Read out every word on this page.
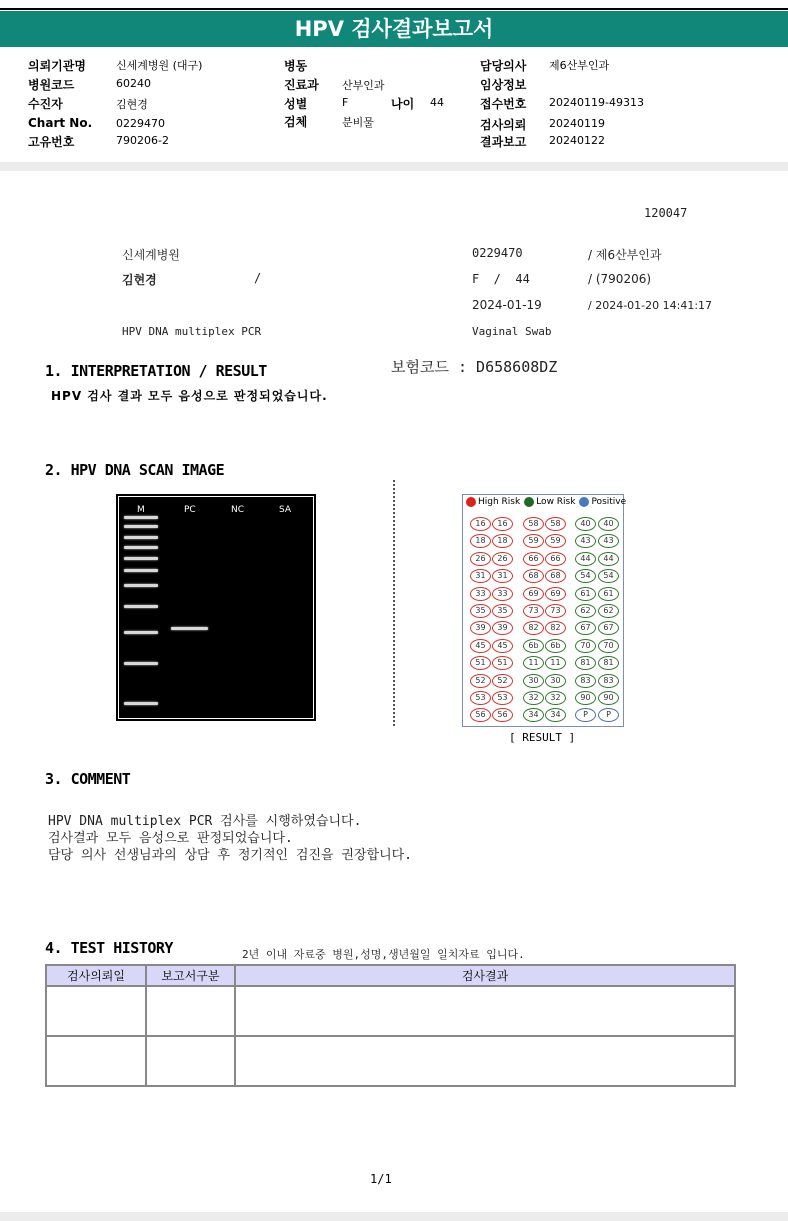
HPV 검사결과보고서
의뢰기관명	신세계병원 (대구)
병원코드	60240
수진자	김현경
Chart No. 0229470
고유번호	790206-2
병동
진료과 산부인과
성별	F	나이 44
검체	분비물
담당의사 제6산부인과
임상정보
접수번호 20240119-49313
검사의뢰 20240119
결과보고 20240122
120047
신세계병원	0229470	/ 제6산부인과
김현경	/	F  /  44	/ (790206)
2024-01-19	/ 2024-01-20 14:41:17
HPV DNA multiplex PCR	Vaginal Swab
보험코드 : D658608DZ
1. INTERPRETATION / RESULT
HPV 검사 결과 모두 음성으로 판정되었습니다.
2. HPV DNA SCAN IMAGE
M	PC	NC	SA
High Risk Low Risk Positive
16	16	58	58	40	40
18	18	59	59	43	43
26	26	66	66	44	44
31	31	68	68	54	54
33	33	69	69	61	61
35	35	73	73	62	62
39	39	82	82	67	67
45	45	6b	6b	70	70
51	51	11	11	81	81
52	52	30	30	83	83
53	53	32	32	90	90
56	56	34	34	P	P
[ RESULT ]
3. COMMENT
HPV DNA multiplex PCR 검사를 시행하였습니다.
검사결과 모두 음성으로 판정되었습니다.
담당 의사 선생님과의 상담 후 정기적인 검진을 권장합니다.
4. TEST HISTORY	2년 이내 자료중 병원,성명,생년월일 일치자료 입니다.
검사의뢰일	보고서구분	검사결과

1/1
